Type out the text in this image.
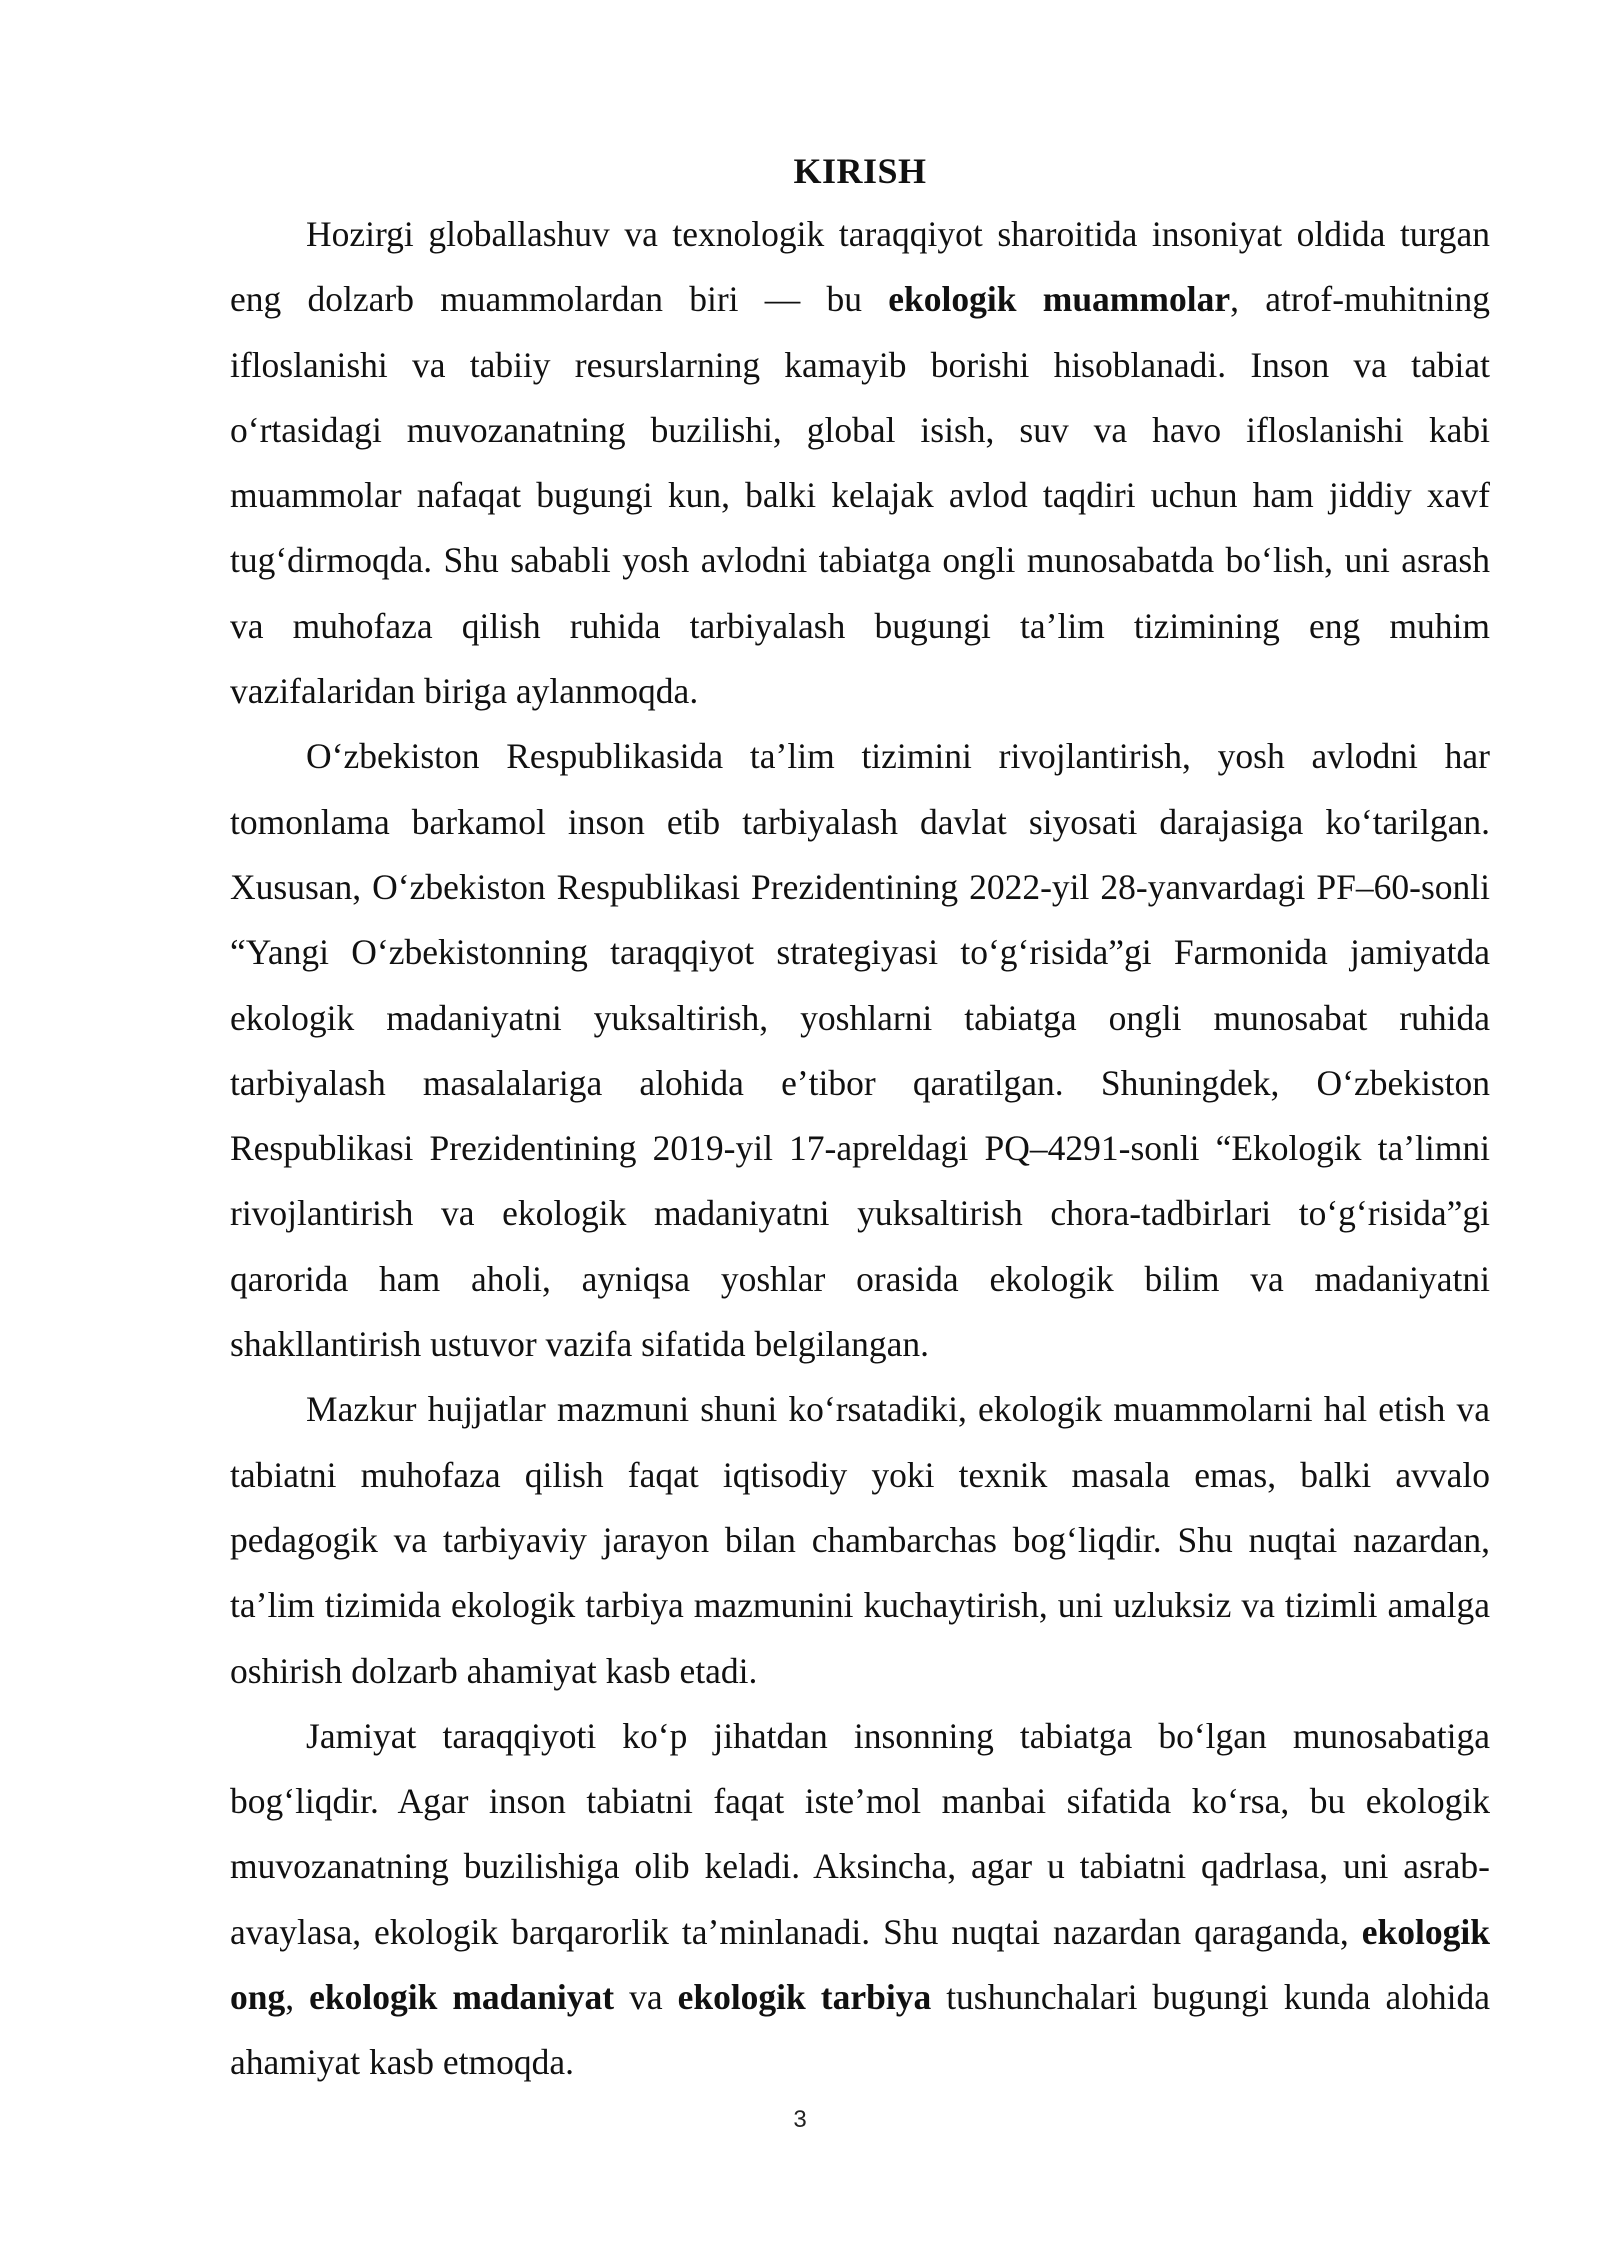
KIRISH

Hozirgi globallashuv va texnologik taraqqiyot sharoitida insoniyat oldida turgan eng dolzarb muammolardan biri — bu ekologik muammolar, atrof-muhitning ifloslanishi va tabiiy resurslarning kamayib borishi hisoblanadi. Inson va tabiat oʻrtasidagi muvozanatning buzilishi, global isish, suv va havo ifloslanishi kabi muammolar nafaqat bugungi kun, balki kelajak avlod taqdiri uchun ham jiddiy xavf tugʻdirmoqda. Shu sababli yosh avlodni tabiatga ongli munosabatda boʻlish, uni asrash va muhofaza qilish ruhida tarbiyalash bugungi taʼlim tizimining eng muhim vazifalaridan biriga aylanmoqda.

Oʻzbekiston Respublikasida taʼlim tizimini rivojlantirish, yosh avlodni har tomonlama barkamol inson etib tarbiyalash davlat siyosati darajasiga koʻtarilgan. Xususan, Oʻzbekiston Respublikasi Prezidentining 2022-yil 28-yanvardagi PF–60-sonli “Yangi Oʻzbekistonning taraqqiyot strategiyasi toʻgʻrisida”gi Farmonida jamiyatda ekologik madaniyatni yuksaltirish, yoshlarni tabiatga ongli munosabat ruhida tarbiyalash masalalariga alohida eʼtibor qaratilgan. Shuningdek, Oʻzbekiston Respublikasi Prezidentining 2019-yil 17-apreldagi PQ–4291-sonli “Ekologik taʼlimni rivojlantirish va ekologik madaniyatni yuksaltirish chora-tadbirlari toʻgʻrisida”gi qarorida ham aholi, ayniqsa yoshlar orasida ekologik bilim va madaniyatni shakllantirish ustuvor vazifa sifatida belgilangan.

Mazkur hujjatlar mazmuni shuni koʻrsatadiki, ekologik muammolarni hal etish va tabiatni muhofaza qilish faqat iqtisodiy yoki texnik masala emas, balki avvalo pedagogik va tarbiyaviy jarayon bilan chambarchas bogʻliqdir. Shu nuqtai nazardan, taʼlim tizimida ekologik tarbiya mazmunini kuchaytirish, uni uzluksiz va tizimli amalga oshirish dolzarb ahamiyat kasb etadi.

Jamiyat taraqqiyoti koʻp jihatdan insonning tabiatga boʻlgan munosabatiga bogʻliqdir. Agar inson tabiatni faqat isteʼmol manbai sifatida koʻrsa, bu ekologik muvozanatning buzilishiga olib keladi. Aksincha, agar u tabiatni qadrlasa, uni asrab-avaylasa, ekologik barqarorlik taʼminlanadi. Shu nuqtai nazardan qaraganda, ekologik ong, ekologik madaniyat va ekologik tarbiya tushunchalari bugungi kunda alohida ahamiyat kasb etmoqda.

3
